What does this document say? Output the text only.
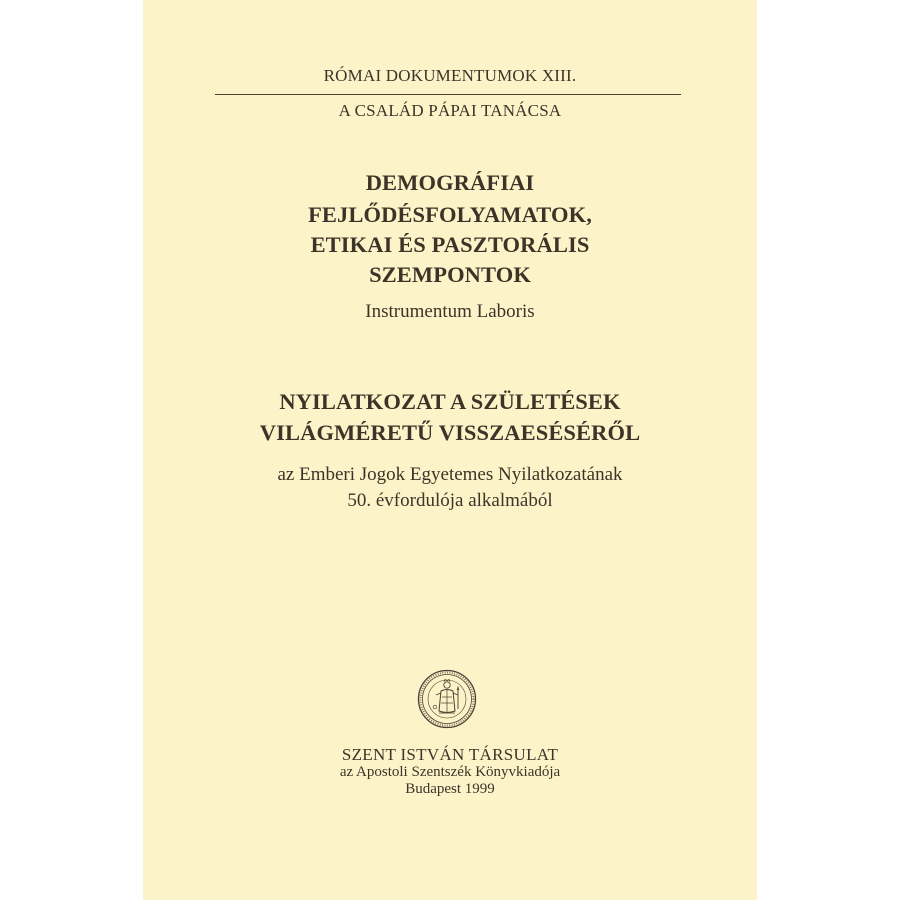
RÓMAI DOKUMENTUMOK XIII.
A CSALÁD PÁPAI TANÁCSA
DEMOGRÁFIAI
FEJLŐDÉSFOLYAMATOK,
ETIKAI ÉS PASZTORÁLIS
SZEMPONTOK
Instrumentum Laboris
NYILATKOZAT A SZÜLETÉSEK
VILÁGMÉRETŰ VISSZAESÉSÉRŐL
az Emberi Jogok Egyetemes Nyilatkozatának
50. évfordulója alkalmából
SZENT ISTVÁN TÁRSULAT
az Apostoli Szentszék Könyvkiadója
Budapest 1999
